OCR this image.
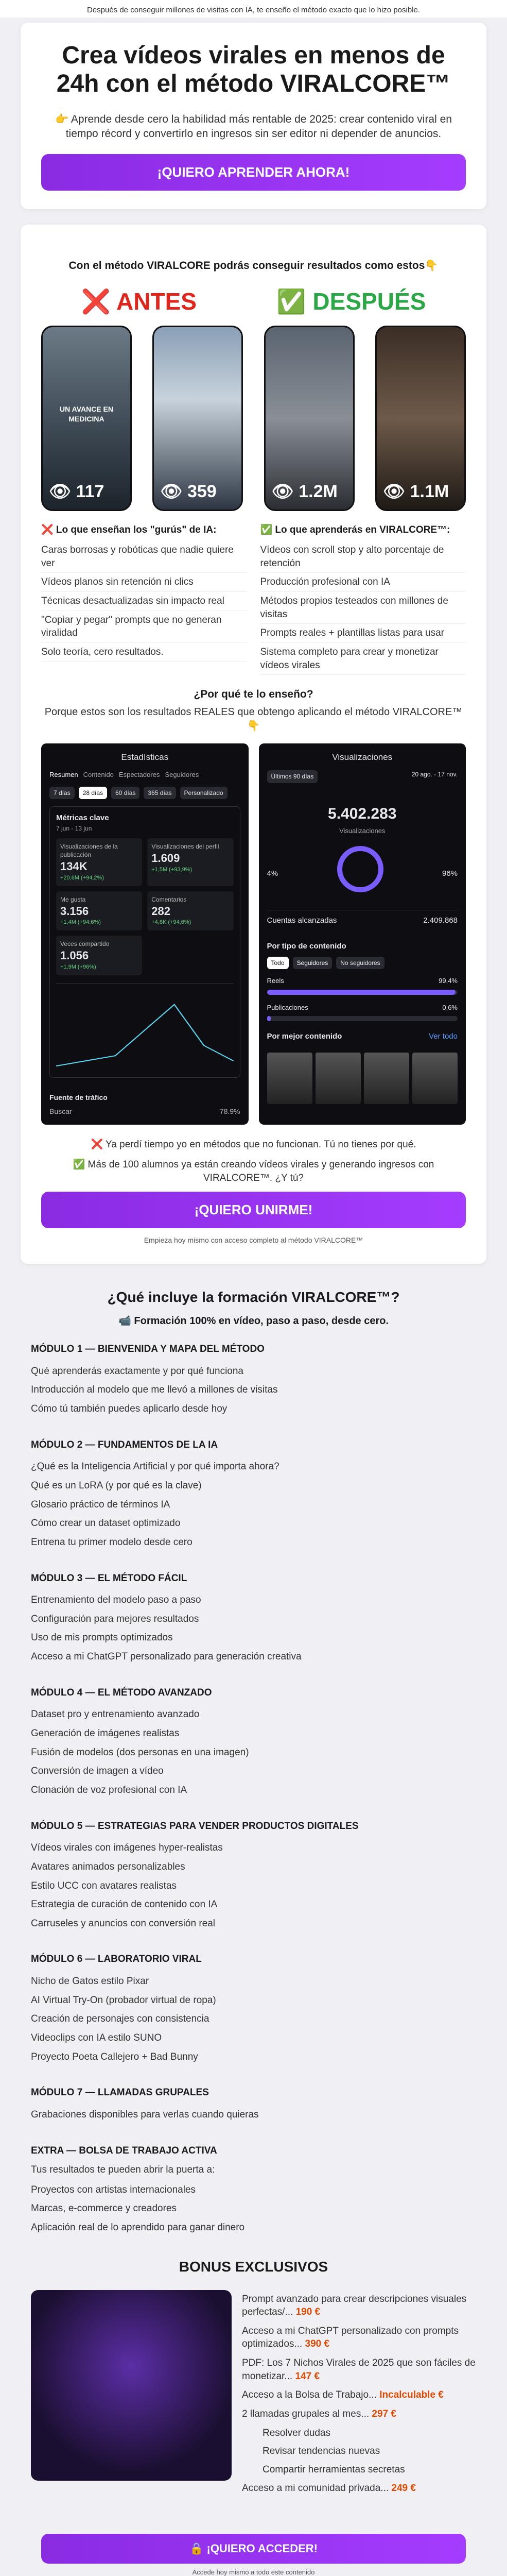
Después de conseguir millones de visitas con IA, te enseño el método exacto que lo hizo posible.
Crea vídeos virales en menos de 24h con el método VIRALCORE™

👉 Aprende desde cero la habilidad más rentable de 2025: crear contenido viral en tiempo récord y convertirlo en ingresos sin ser editor ni depender de anuncios.

¡QUIERO APRENDER AHORA!
Con el método VIRALCORE podrás conseguir resultados como estos👇
❌ ANTES	✅ DESPUÉS
UN AVANCE EN MEDICINA
👁 117	👁 359	👁 1.2M	👁 1.1M
❌ Lo que enseñan los "gurús" de IA:
Caras borrosas y robóticas que nadie quiere ver
Vídeos planos sin retención ni clics
Técnicas desactualizadas sin impacto real
"Copiar y pegar" prompts que no generan viralidad
Solo teoría, cero resultados.
✅ Lo que aprenderás en VIRALCORE™:
Vídeos con scroll stop y alto porcentaje de retención
Producción profesional con IA
Métodos propios testeados con millones de visitas
Prompts reales + plantillas listas para usar
Sistema completo para crear y monetizar vídeos virales
¿Por qué te lo enseño?
Porque estos son los resultados REALES que obtengo aplicando el método VIRALCORE™ 👇
Estadísticas
Resumen Contenido Espectadores Seguidores
7 días	28 días	60 días	365 días	Personalizado
Métricas clave
7 jun - 13 jun
Visualizaciones de la publicación
134K
+20,6M (+94,2%)
Visualizaciones del perfil
1.609
+1,5M (+93,9%)
Me gusta
3.156
+1,4M (+94,6%)
Comentarios
282
+4,8K (+94,6%)
Veces compartido
1.056
+1,9M (+96%)
Fuente de tráfico
Buscar	78.9%
Visualizaciones
Últimos 90 días	20 ago. - 17 nov.
5.402.283
Visualizaciones
4%	96%
Cuentas alcanzadas	2.409.868
Por tipo de contenido
Todo	Seguidores	No seguidores
Reels	99,4%
Publicaciones	0,6%
Por mejor contenido	Ver todo

❌ Ya perdí tiempo yo en métodos que no funcionan. Tú no tienes por qué.

✅ Más de 100 alumnos ya están creando vídeos virales y generando ingresos con VIRALCORE™. ¿Y tú?

¡QUIERO UNIRME!
Empieza hoy mismo con acceso completo al método VIRALCORE™
¿Qué incluye la formación VIRALCORE™?
📹 Formación 100% en vídeo, paso a paso, desde cero.
MÓDULO 1 — BIENVENIDA Y MAPA DEL MÉTODO
Qué aprenderás exactamente y por qué funciona
Introducción al modelo que me llevó a millones de visitas
Cómo tú también puedes aplicarlo desde hoy
MÓDULO 2 — FUNDAMENTOS DE LA IA
¿Qué es la Inteligencia Artificial y por qué importa ahora?
Qué es un LoRA (y por qué es la clave)
Glosario práctico de términos IA
Cómo crear un dataset optimizado
Entrena tu primer modelo desde cero
MÓDULO 3 — EL MÉTODO FÁCIL
Entrenamiento del modelo paso a paso
Configuración para mejores resultados
Uso de mis prompts optimizados
Acceso a mi ChatGPT personalizado para generación creativa
MÓDULO 4 — EL MÉTODO AVANZADO
Dataset pro y entrenamiento avanzado
Generación de imágenes realistas
Fusión de modelos (dos personas en una imagen)
Conversión de imagen a vídeo
Clonación de voz profesional con IA
MÓDULO 5 — ESTRATEGIAS PARA VENDER PRODUCTOS DIGITALES
Vídeos virales con imágenes hyper-realistas
Avatares animados personalizables
Estilo UCC con avatares realistas
Estrategia de curación de contenido con IA
Carruseles y anuncios con conversión real
MÓDULO 6 — LABORATORIO VIRAL
Nicho de Gatos estilo Pixar
AI Virtual Try-On (probador virtual de ropa)
Creación de personajes con consistencia
Videoclips con IA estilo SUNO
Proyecto Poeta Callejero + Bad Bunny
MÓDULO 7 — LLAMADAS GRUPALES
Grabaciones disponibles para verlas cuando quieras
EXTRA — BOLSA DE TRABAJO ACTIVA

Tus resultados te pueden abrir la puerta a:

Proyectos con artistas internacionales
Marcas, e-commerce y creadores
Aplicación real de lo aprendido para ganar dinero
BONUS EXCLUSIVOS
Prompt avanzado para crear descripciones visuales perfectas/... 190 €
Acceso a mi ChatGPT personalizado con prompts optimizados... 390 €
PDF: Los 7 Nichos Virales de 2025 que son fáciles de monetizar... 147 €
Acceso a la Bolsa de Trabajo... Incalculable €
2 llamadas grupales al mes... 297 €
Resolver dudas
Revisar tendencias nuevas
Compartir herramientas secretas
Acceso a mi comunidad privada... 249 €
🔒 ¡QUIERO ACCEDER!
Accede hoy mismo a todo este contenido
